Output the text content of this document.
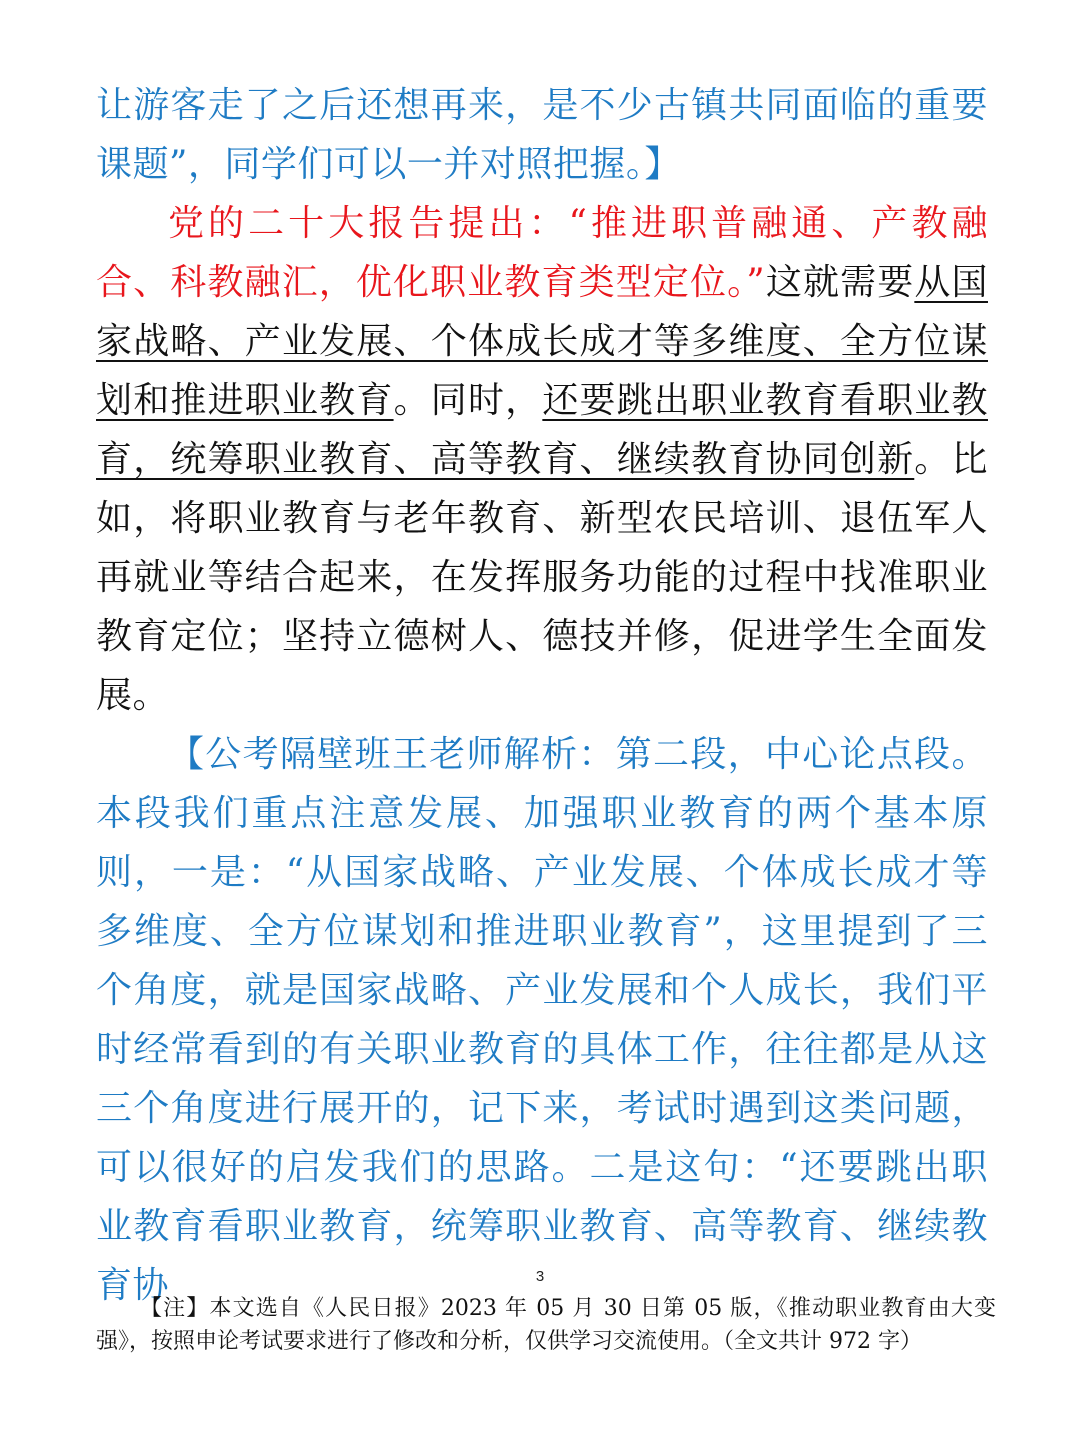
让游客走了之后还想再来，是不少古镇共同面临的重要课题”，同学们可以一并对照把握。】

党的二十大报告提出：“推进职普融通、产教融合、科教融汇，优化职业教育类型定位。”这就需要从国家战略、产业发展、个体成长成才等多维度、全方位谋划和推进职业教育。同时，还要跳出职业教育看职业教育，统筹职业教育、高等教育、继续教育协同创新。比如，将职业教育与老年教育、新型农民培训、退伍军人再就业等结合起来，在发挥服务功能的过程中找准职业教育定位；坚持立德树人、德技并修，促进学生全面发展。

【公考隔壁班王老师解析：第二段，中心论点段。本段我们重点注意发展、加强职业教育的两个基本原则，一是：“从国家战略、产业发展、个体成长成才等多维度、全方位谋划和推进职业教育”，这里提到了三个角度，就是国家战略、产业发展和个人成长，我们平时经常看到的有关职业教育的具体工作，往往都是从这三个角度进行展开的，记下来，考试时遇到这类问题，可以很好的启发我们的思路。二是这句：“还要跳出职业教育看职业教育，统筹职业教育、高等教育、继续教育协	3

【注】本文选自《人民日报》2023 年 05 月 30 日第 05 版，《推动职业教育由大变强》，按照申论考试要求进行了修改和分析，仅供学习交流使用。（全文共计 972 字）
